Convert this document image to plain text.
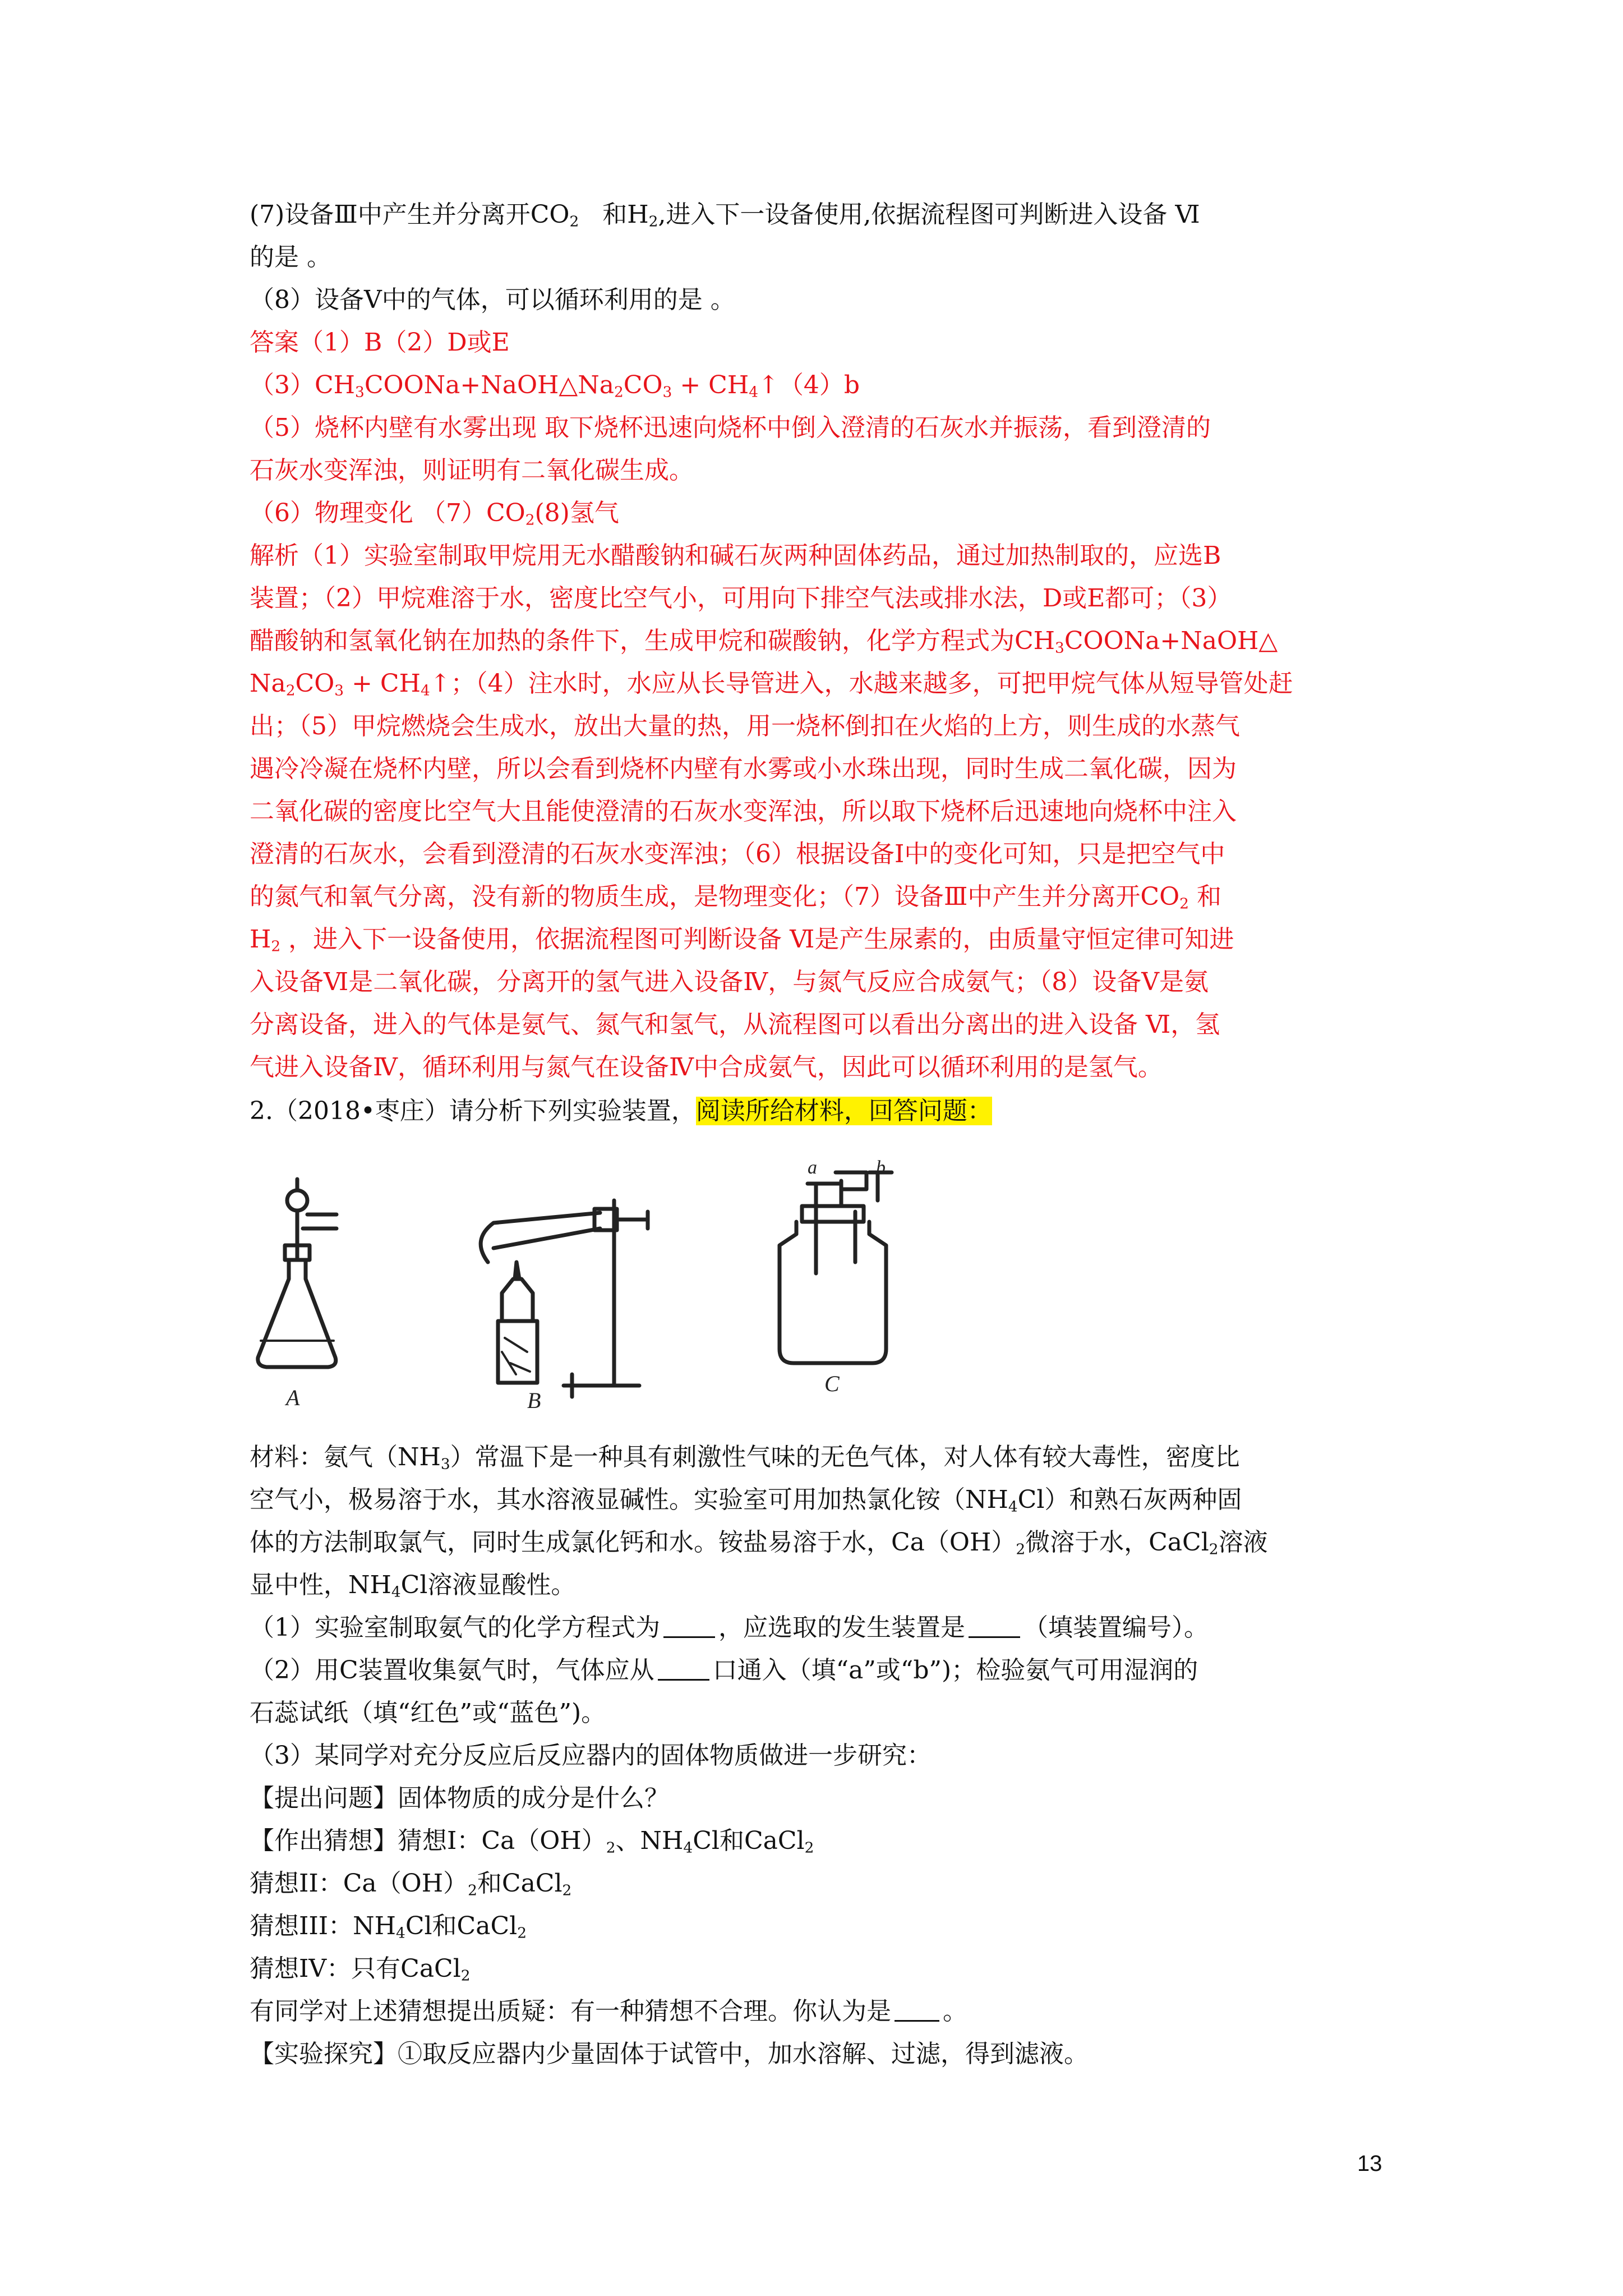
(7)设备Ⅲ中产生并分离开$CO_2$ 和$H_2$,进入下一设备使用,依据流程图可判断进入设备 Ⅵ
的是 。
（8）设备Ⅴ中的气体，可以循环利用的是 。
答案（1）B（2）D或E
$(3)CH_3COONa+NaOH\triangle Na_2CO_3$ + $CH_4↑(4)b$
（5）烧杯内壁有水雾出现 取下烧杯迅速向烧杯中倒入澄清的石灰水并振荡，看到澄清的
石灰水变浑浊，则证明有二氧化碳生成。
（6）物理变化 $(7)CO_2(8)$氢气
解析（1）实验室制取甲烷用无水醋酸钠和碱石灰两种固体药品，通过加热制取的，应选B
装置；（2）甲烷难溶于水，密度比空气小，可用向下排空气法或排水法，D或E都可；（3）
醋酸钠和氢氧化钠在加热的条件下，生成甲烷和碳酸钠，化学方程式为$CH_3COONa+NaOH\triangle$
$Na_2CO_3$ + $CH_4↑$；（4）注水时，水应从长导管进入，水越来越多，可把甲烷气体从短导管处赶
出；（5）甲烷燃烧会生成水，放出大量的热，用一烧杯倒扣在火焰的上方，则生成的水蒸气
遇冷冷凝在烧杯内壁，所以会看到烧杯内壁有水雾或小水珠出现，同时生成二氧化碳，因为
二氧化碳的密度比空气大且能使澄清的石灰水变浑浊，所以取下烧杯后迅速地向烧杯中注入
澄清的石灰水，会看到澄清的石灰水变浑浊；（6）根据设备Ⅰ中的变化可知，只是把空气中
的氮气和氧气分离，没有新的物质生成，是物理变化；（7）设备Ⅲ中产生并分离开$CO_2$ 和
$H_2$ ，进入下一设备使用，依据流程图可判断设备 Ⅵ是产生尿素的，由质量守恒定律可知进
入设备Ⅵ是二氧化碳，分离开的氢气进入设备Ⅳ，与氮气反应合成氨气；（8）设备Ⅴ是氨
分离设备，进入的气体是氨气、氮气和氢气，从流程图可以看出分离出的进入设备 Ⅵ，氢
气进入设备Ⅳ，循环利用与氮气在设备Ⅳ中合成氨气，因此可以循环利用的是氢气。
2.（2018•枣庄）请分析下列实验装置，阅读所给材料，回答问题：
A	B
C
a	b
材料：氨气$(NH_3)$常温下是一种具有刺激性气味的无色气体，对人体有较大毒性，密度比
空气小，极易溶于水，其水溶液显碱性。实验室可用加热氯化铵$(NH_4Cl)$和熟石灰两种固
体的方法制取氯气，同时生成氯化钙和水。铵盐易溶于水，$Ca(OH)_2$微溶于水，CaCl$_2$溶液
显中性，$NH_4Cl$溶液显酸性。
（1）实验室制取氨气的化学方程式为 ，应选取的发生装置是 （填装置编号）。
（2）用C装置收集氨气时，气体应从 口通入（填“a”或“b”)；检验氨气可用湿润的
石蕊试纸（填“红色”或“蓝色”)。
（3）某同学对充分反应后反应器内的固体物质做进一步研究：
【提出问题】固体物质的成分是什么？
【作出猜想】猜想Ⅰ：$Ca(OH)_2$、$NH_4Cl$和CaCl$_2$
猜想II：$Ca(OH)_2$和CaCl$_2$
猜想III：$NH_4Cl$和CaCl$_2$
猜想IV：只有CaCl$_2$
有同学对上述猜想提出质疑：有一种猜想不合理。你认为是 。
【实验探究】①取反应器内少量固体于试管中，加水溶解、过滤，得到滤液。
13
